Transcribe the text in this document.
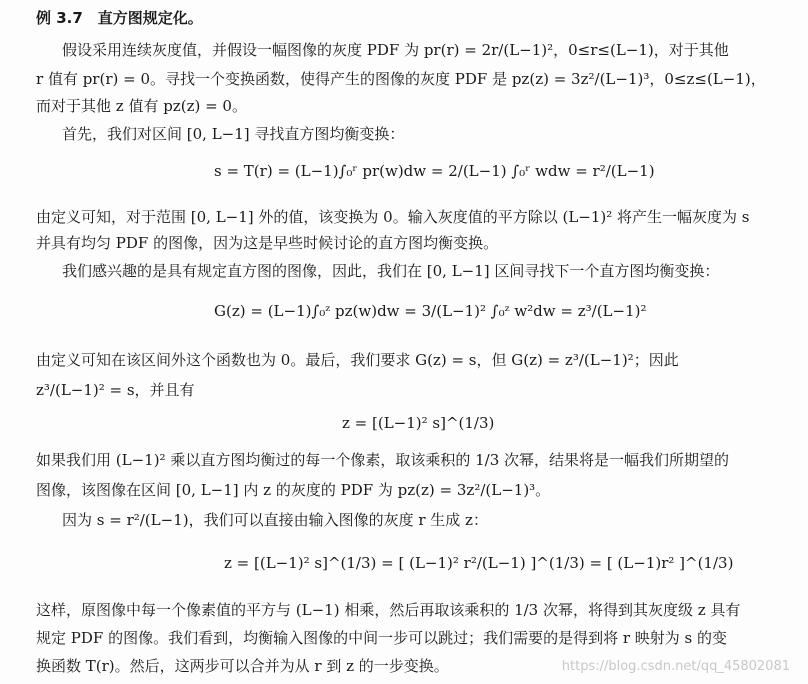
例 3.7　直方图规定化。
假设采用连续灰度值，并假设一幅图像的灰度 PDF 为 pr(r) = 2r/(L−1)²，0≤r≤(L−1)，对于其他
r 值有 pr(r) = 0。寻找一个变换函数，使得产生的图像的灰度 PDF 是 pz(z) = 3z²/(L−1)³，0≤z≤(L−1)，
而对于其他 z 值有 pz(z) = 0。
首先，我们对区间 [0, L−1] 寻找直方图均衡变换：
s = T(r) = (L−1)∫₀ʳ pr(w)dw = 2/(L−1) ∫₀ʳ wdw = r²/(L−1)
由定义可知，对于范围 [0, L−1] 外的值，该变换为 0。输入灰度值的平方除以 (L−1)² 将产生一幅灰度为 s
并具有均匀 PDF 的图像，因为这是早些时候讨论的直方图均衡变换。
我们感兴趣的是具有规定直方图的图像，因此，我们在 [0, L−1] 区间寻找下一个直方图均衡变换：
G(z) = (L−1)∫₀ᶻ pz(w)dw = 3/(L−1)² ∫₀ᶻ w²dw = z³/(L−1)²
由定义可知在该区间外这个函数也为 0。最后，我们要求 G(z) = s，但 G(z) = z³/(L−1)²；因此
z³/(L−1)² = s，并且有
z = [(L−1)² s]^(1/3)
如果我们用 (L−1)² 乘以直方图均衡过的每一个像素，取该乘积的 1/3 次幂，结果将是一幅我们所期望的
图像，该图像在区间 [0, L−1] 内 z 的灰度的 PDF 为 pz(z) = 3z²/(L−1)³。
因为 s = r²/(L−1)，我们可以直接由输入图像的灰度 r 生成 z：
z = [(L−1)² s]^(1/3) = [ (L−1)² r²/(L−1) ]^(1/3) = [ (L−1)r² ]^(1/3)
这样，原图像中每一个像素值的平方与 (L−1) 相乘，然后再取该乘积的 1/3 次幂，将得到其灰度级 z 具有
规定 PDF 的图像。我们看到，均衡输入图像的中间一步可以跳过；我们需要的是得到将 r 映射为 s 的变
换函数 T(r)。然后，这两步可以合并为从 r 到 z 的一步变换。	https://blog.csdn.net/qq_45802081
